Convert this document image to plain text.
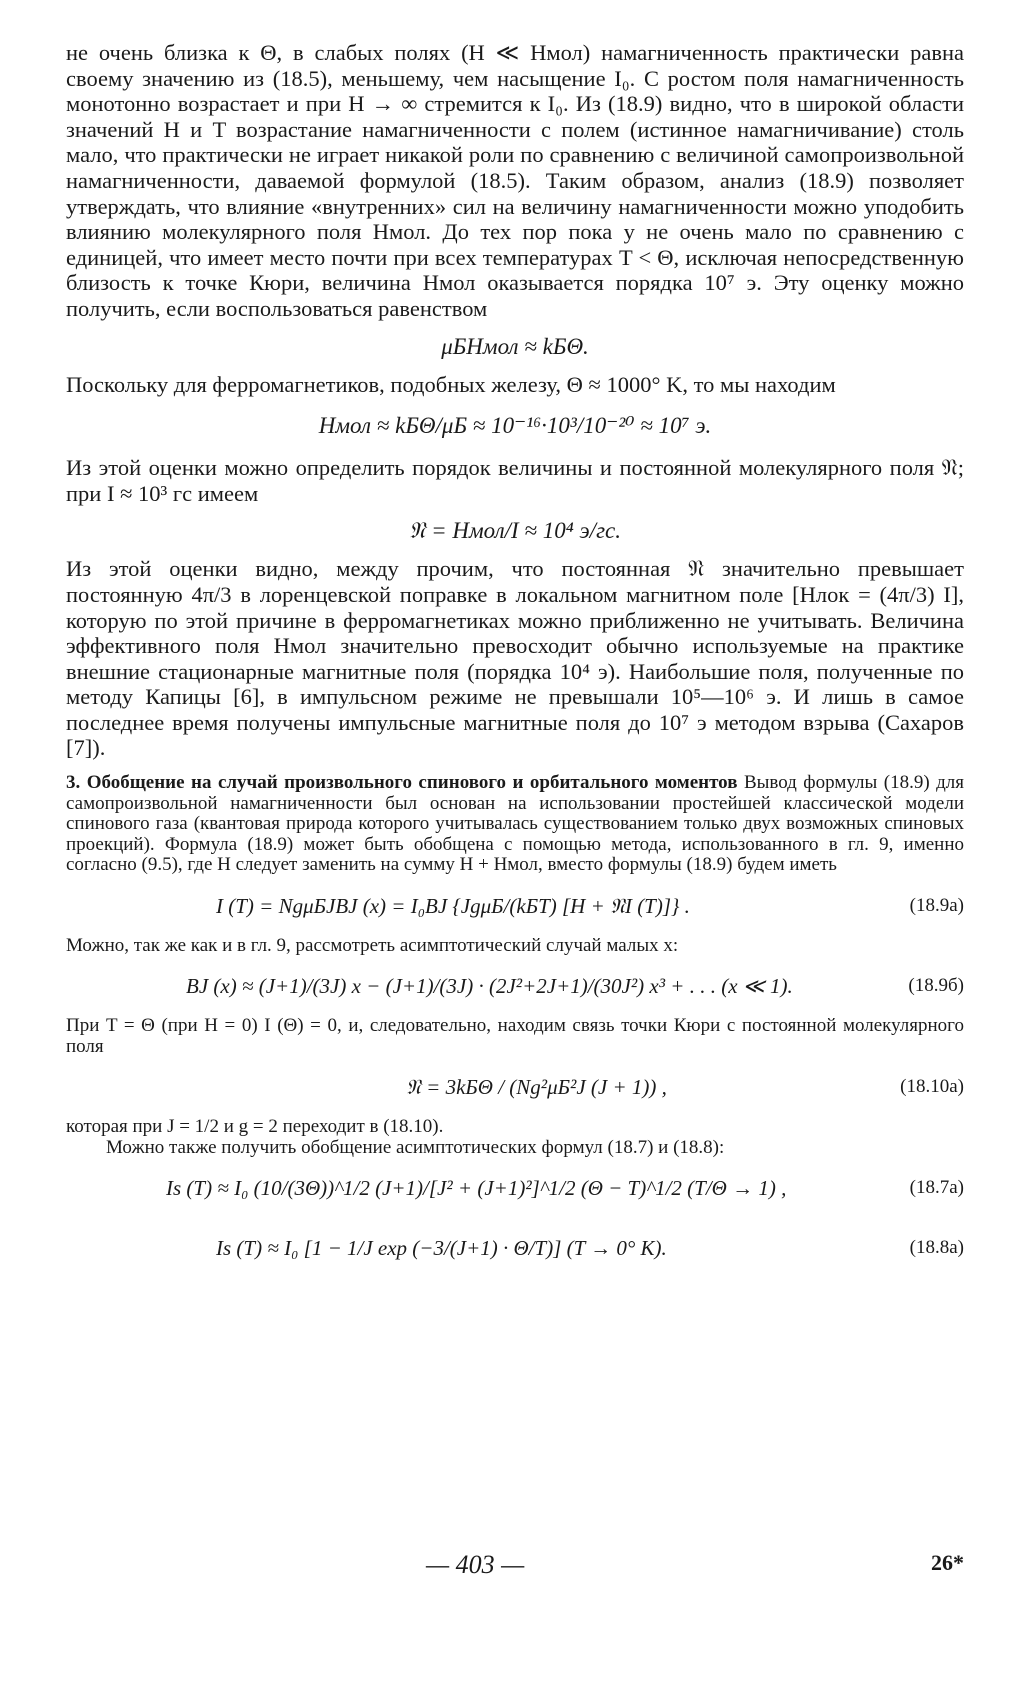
не очень близка к Θ, в слабых полях (H ≪ Hмол) намагниченность практически равна своему значению из (18.5), меньшему, чем насыщение I₀. С ростом поля намагниченность монотонно возрастает и при H → ∞ стремится к I₀. Из (18.9) видно, что в широкой области значений H и T возрастание намагниченности с полем (истинное намагничивание) столь мало, что практически не играет никакой роли по сравнению с величиной самопроизвольной намагниченности, даваемой формулой (18.5). Таким образом, анализ (18.9) позволяет утверждать, что влияние «внутренних» сил на величину намагниченности можно уподобить влиянию молекулярного поля Hмол. До тех пор пока y не очень мало по сравнению с единицей, что имеет место почти при всех температурах T < Θ, исключая непосредственную близость к точке Кюри, величина Hмол оказывается порядка 10⁷ э. Эту оценку можно получить, если воспользоваться равенством

μБHмол ≈ kБΘ.

Поскольку для ферромагнетиков, подобных железу, Θ ≈ 1000° K, то мы находим

Hмол ≈ kБΘ/μБ ≈ 10⁻¹⁶·10³/10⁻²⁰ ≈ 10⁷ э.

Из этой оценки можно определить порядок величины и постоянной молекулярного поля 𝔑; при I ≈ 10³ гс имеем

𝔑 = Hмол/I ≈ 10⁴ э/гс.

Из этой оценки видно, между прочим, что постоянная 𝔑 значительно превышает постоянную 4π/3 в лоренцевской поправке в локальном магнитном поле [Hлок = (4π/3) I], которую по этой причине в ферромагнетиках можно приближенно не учитывать. Величина эффективного поля Hмол значительно превосходит обычно используемые на практике внешние стационарные магнитные поля (порядка 10⁴ э). Наибольшие поля, полученные по методу Капицы [6], в импульсном режиме не превышали 10⁵—10⁶ э. И лишь в самое последнее время получены импульсные магнитные поля до 10⁷ э методом взрыва (Сахаров [7]).

3. Обобщение на случай произвольного спинового и орбитального моментов Вывод формулы (18.9) для самопроизвольной намагниченности был основан на использовании простейшей классической модели спинового газа (квантовая природа которого учитывалась существованием только двух возможных спиновых проекций). Формула (18.9) может быть обобщена с помощью метода, использованного в гл. 9, именно согласно (9.5), где H следует заменить на сумму H + Hмол, вместо формулы (18.9) будем иметь

I (T) = NgμБJBJ (x) = I₀BJ {JgμБ/(kБT) [H + 𝔑I (T)]} .	(18.9a)

Можно, так же как и в гл. 9, рассмотреть асимптотический случай малых x:

BJ (x) ≈ (J+1)/(3J) x − (J+1)/(3J) · (2J²+2J+1)/(30J²) x³ + . . . (x ≪ 1).	(18.9б)

При T = Θ (при H = 0) I (Θ) = 0, и, следовательно, находим связь точки Кюри с постоянной молекулярного поля

𝔑 = 3kБΘ / (Ng²μБ²J (J + 1)) ,	(18.10a)

которая при J = 1/2 и g = 2 переходит в (18.10).

Можно также получить обобщение асимптотических формул (18.7) и (18.8):

Is (T) ≈ I₀ (10/(3Θ))^1/2 (J+1)/[J² + (J+1)²]^1/2 (Θ − T)^1/2 (T/Θ → 1) ,	(18.7a)
Is (T) ≈ I₀ [1 − 1/J exp (−3/(J+1) · Θ/T)] (T → 0° K).	(18.8a)
— 403 —	26*
